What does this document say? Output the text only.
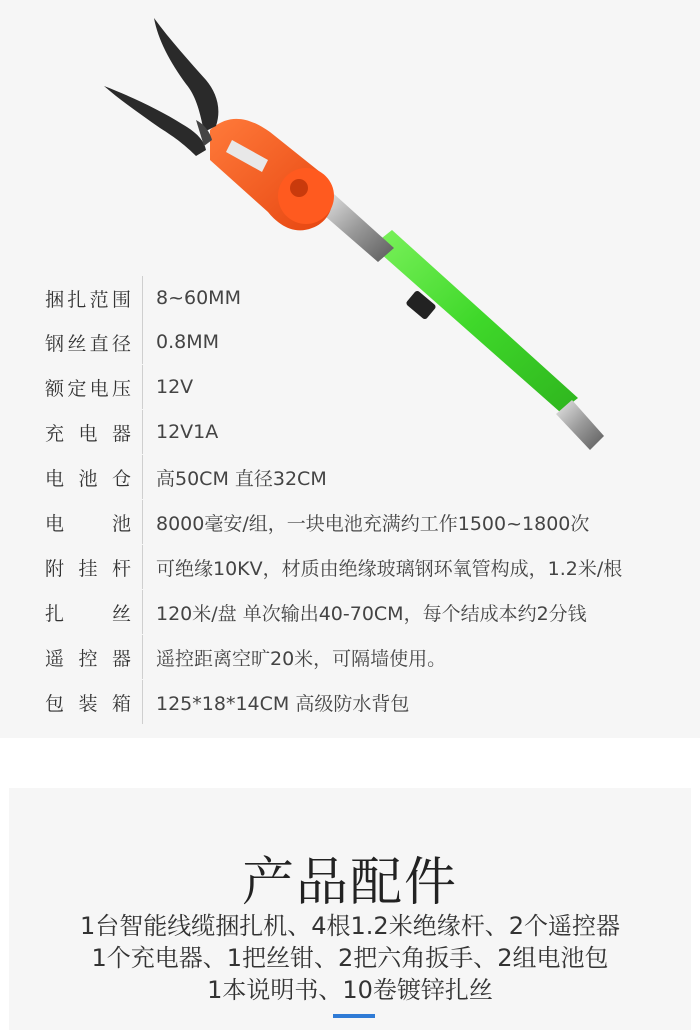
捆 扎 范 围 8~60MM
钢 丝 直 径 0.8MM
额 定 电 压 12V
充 电 器 12V1A
电 池 仓 高50CM 直径32CM
电	池 8000毫安/组，一块电池充满约工作1500~1800次
附 挂 杆 可绝缘10KV，材质由绝缘玻璃钢环氧管构成，1.2米/根
扎	丝 120米/盘 单次输出40-70CM，每个结成本约2分钱
遥 控 器 遥控距离空旷20米，可隔墙使用。
包 装 箱 125*18*14CM 高级防水背包
产品配件
1台智能线缆捆扎机、4根1.2米绝缘杆、2个遥控器
1个充电器、1把丝钳、2把六角扳手、2组电池包
1本说明书、10卷镀锌扎丝
